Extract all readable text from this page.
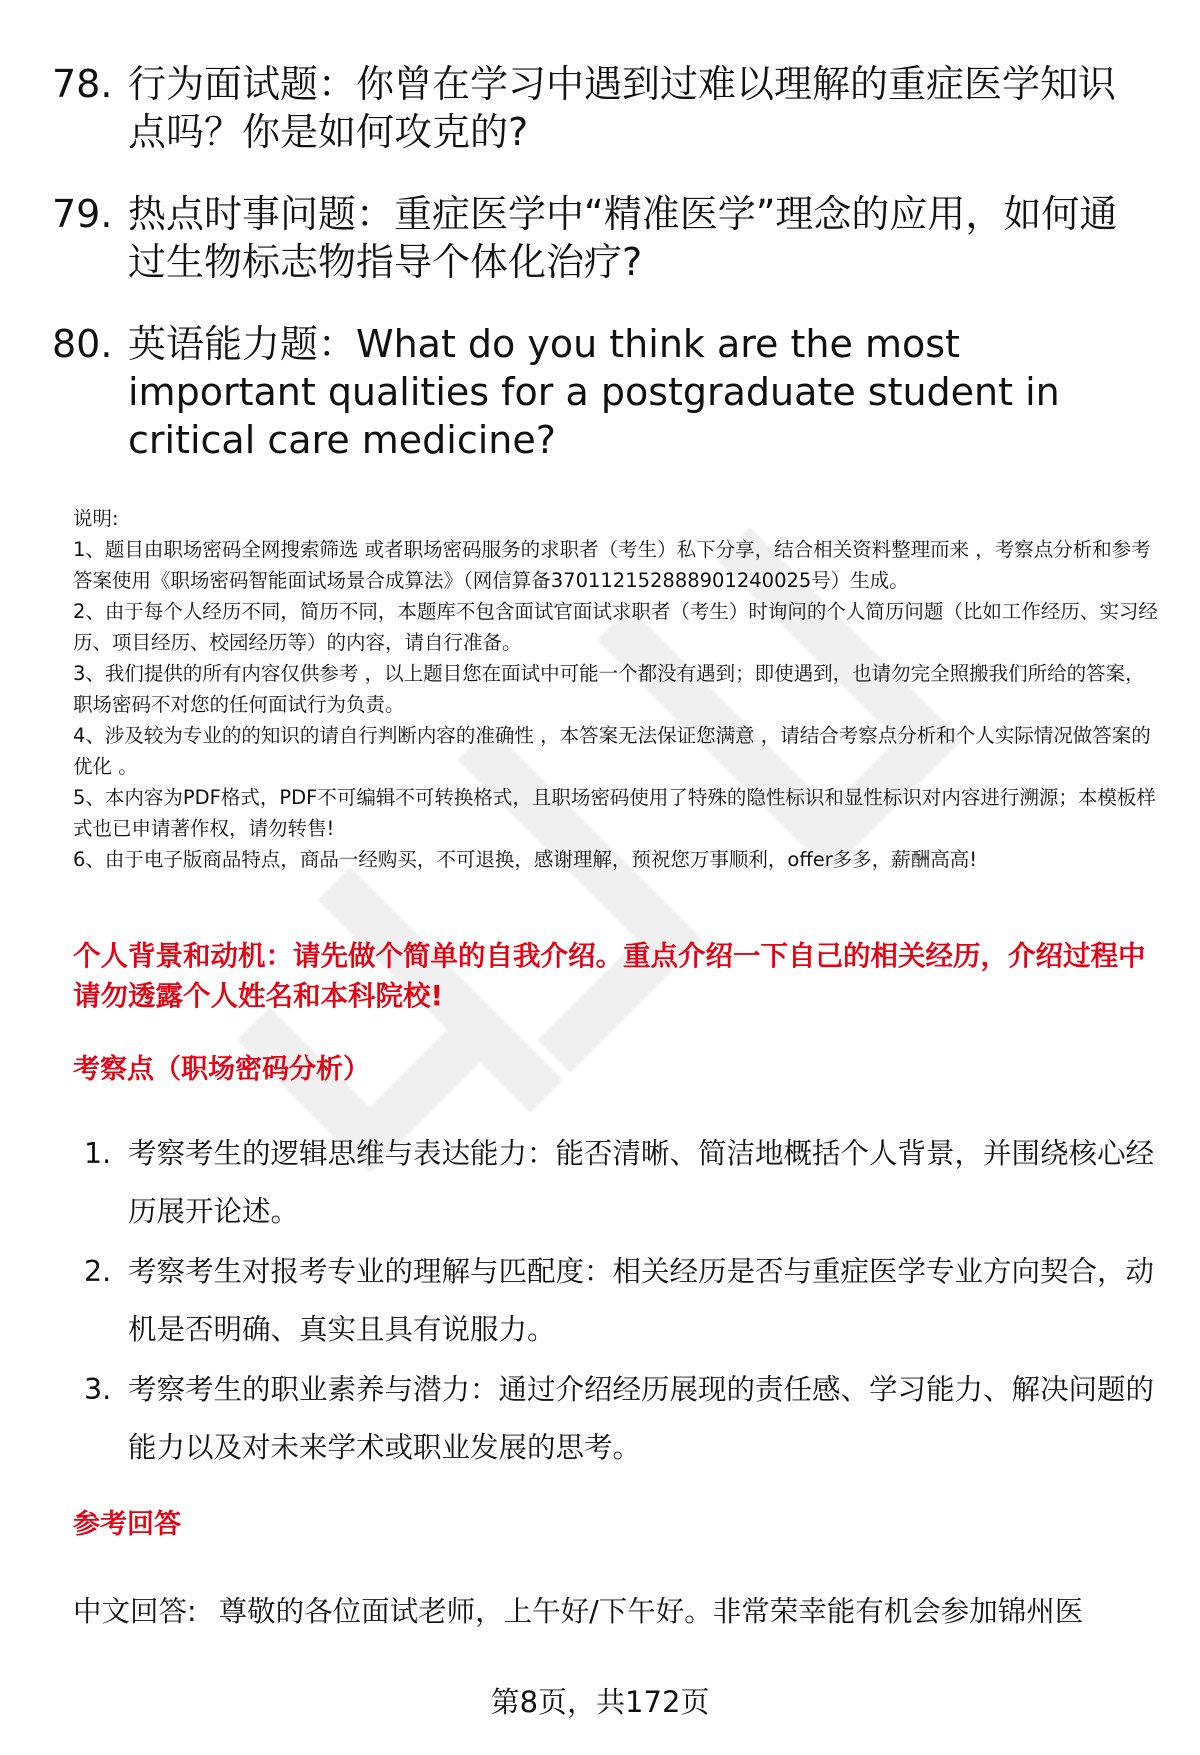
78. 行为面试题：你曾在学习中遇到过难以理解的重症医学知识点吗？你是如何攻克的?
79. 热点时事问题：重症医学中“精准医学”理念的应用，如何通过生物标志物指导个体化治疗?
80. 英语能力题：What do you think are the most important qualities for a postgraduate student in critical care medicine?

说明:

1、题目由职场密码全网搜索筛选 或者职场密码服务的求职者（考生）私下分享，结合相关资料整理而来 ，考察点分析和参考答案使用《职场密码智能面试场景合成算法》（网信算备370112152888901240025号）生成。

2、由于每个人经历不同，简历不同，本题库不包含面试官面试求职者（考生）时询问的个人简历问题（比如工作经历、实习经历、项目经历、校园经历等）的内容，请自行准备。

3、我们提供的所有内容仅供参考 ，以上题目您在面试中可能一个都没有遇到；即使遇到，也请勿完全照搬我们所给的答案，职场密码不对您的任何面试行为负责。

4、涉及较为专业的的知识的请自行判断内容的准确性 ，本答案无法保证您满意 ，请结合考察点分析和个人实际情况做答案的优化 。

5、本内容为PDF格式，PDF不可编辑不可转换格式，且职场密码使用了特殊的隐性标识和显性标识对内容进行溯源；本模板样式也已申请著作权，请勿转售!

6、由于电子版商品特点，商品一经购买，不可退换，感谢理解，预祝您万事顺利，offer多多，薪酬高高!

个人背景和动机：请先做个简单的自我介绍。重点介绍一下自己的相关经历，介绍过程中请勿透露个人姓名和本科院校!
考察点（职场密码分析）
1. 考察考生的逻辑思维与表达能力：能否清晰、简洁地概括个人背景，并围绕核心经历展开论述。
2. 考察考生对报考专业的理解与匹配度：相关经历是否与重症医学专业方向契合，动机是否明确、真实且具有说服力。
3. 考察考生的职业素养与潜力：通过介绍经历展现的责任感、学习能力、解决问题的能力以及对未来学术或职业发展的思考。
参考回答
中文回答: 尊敬的各位面试老师，上午好/下午好。非常荣幸能有机会参加锦州医
第8页，共172页
